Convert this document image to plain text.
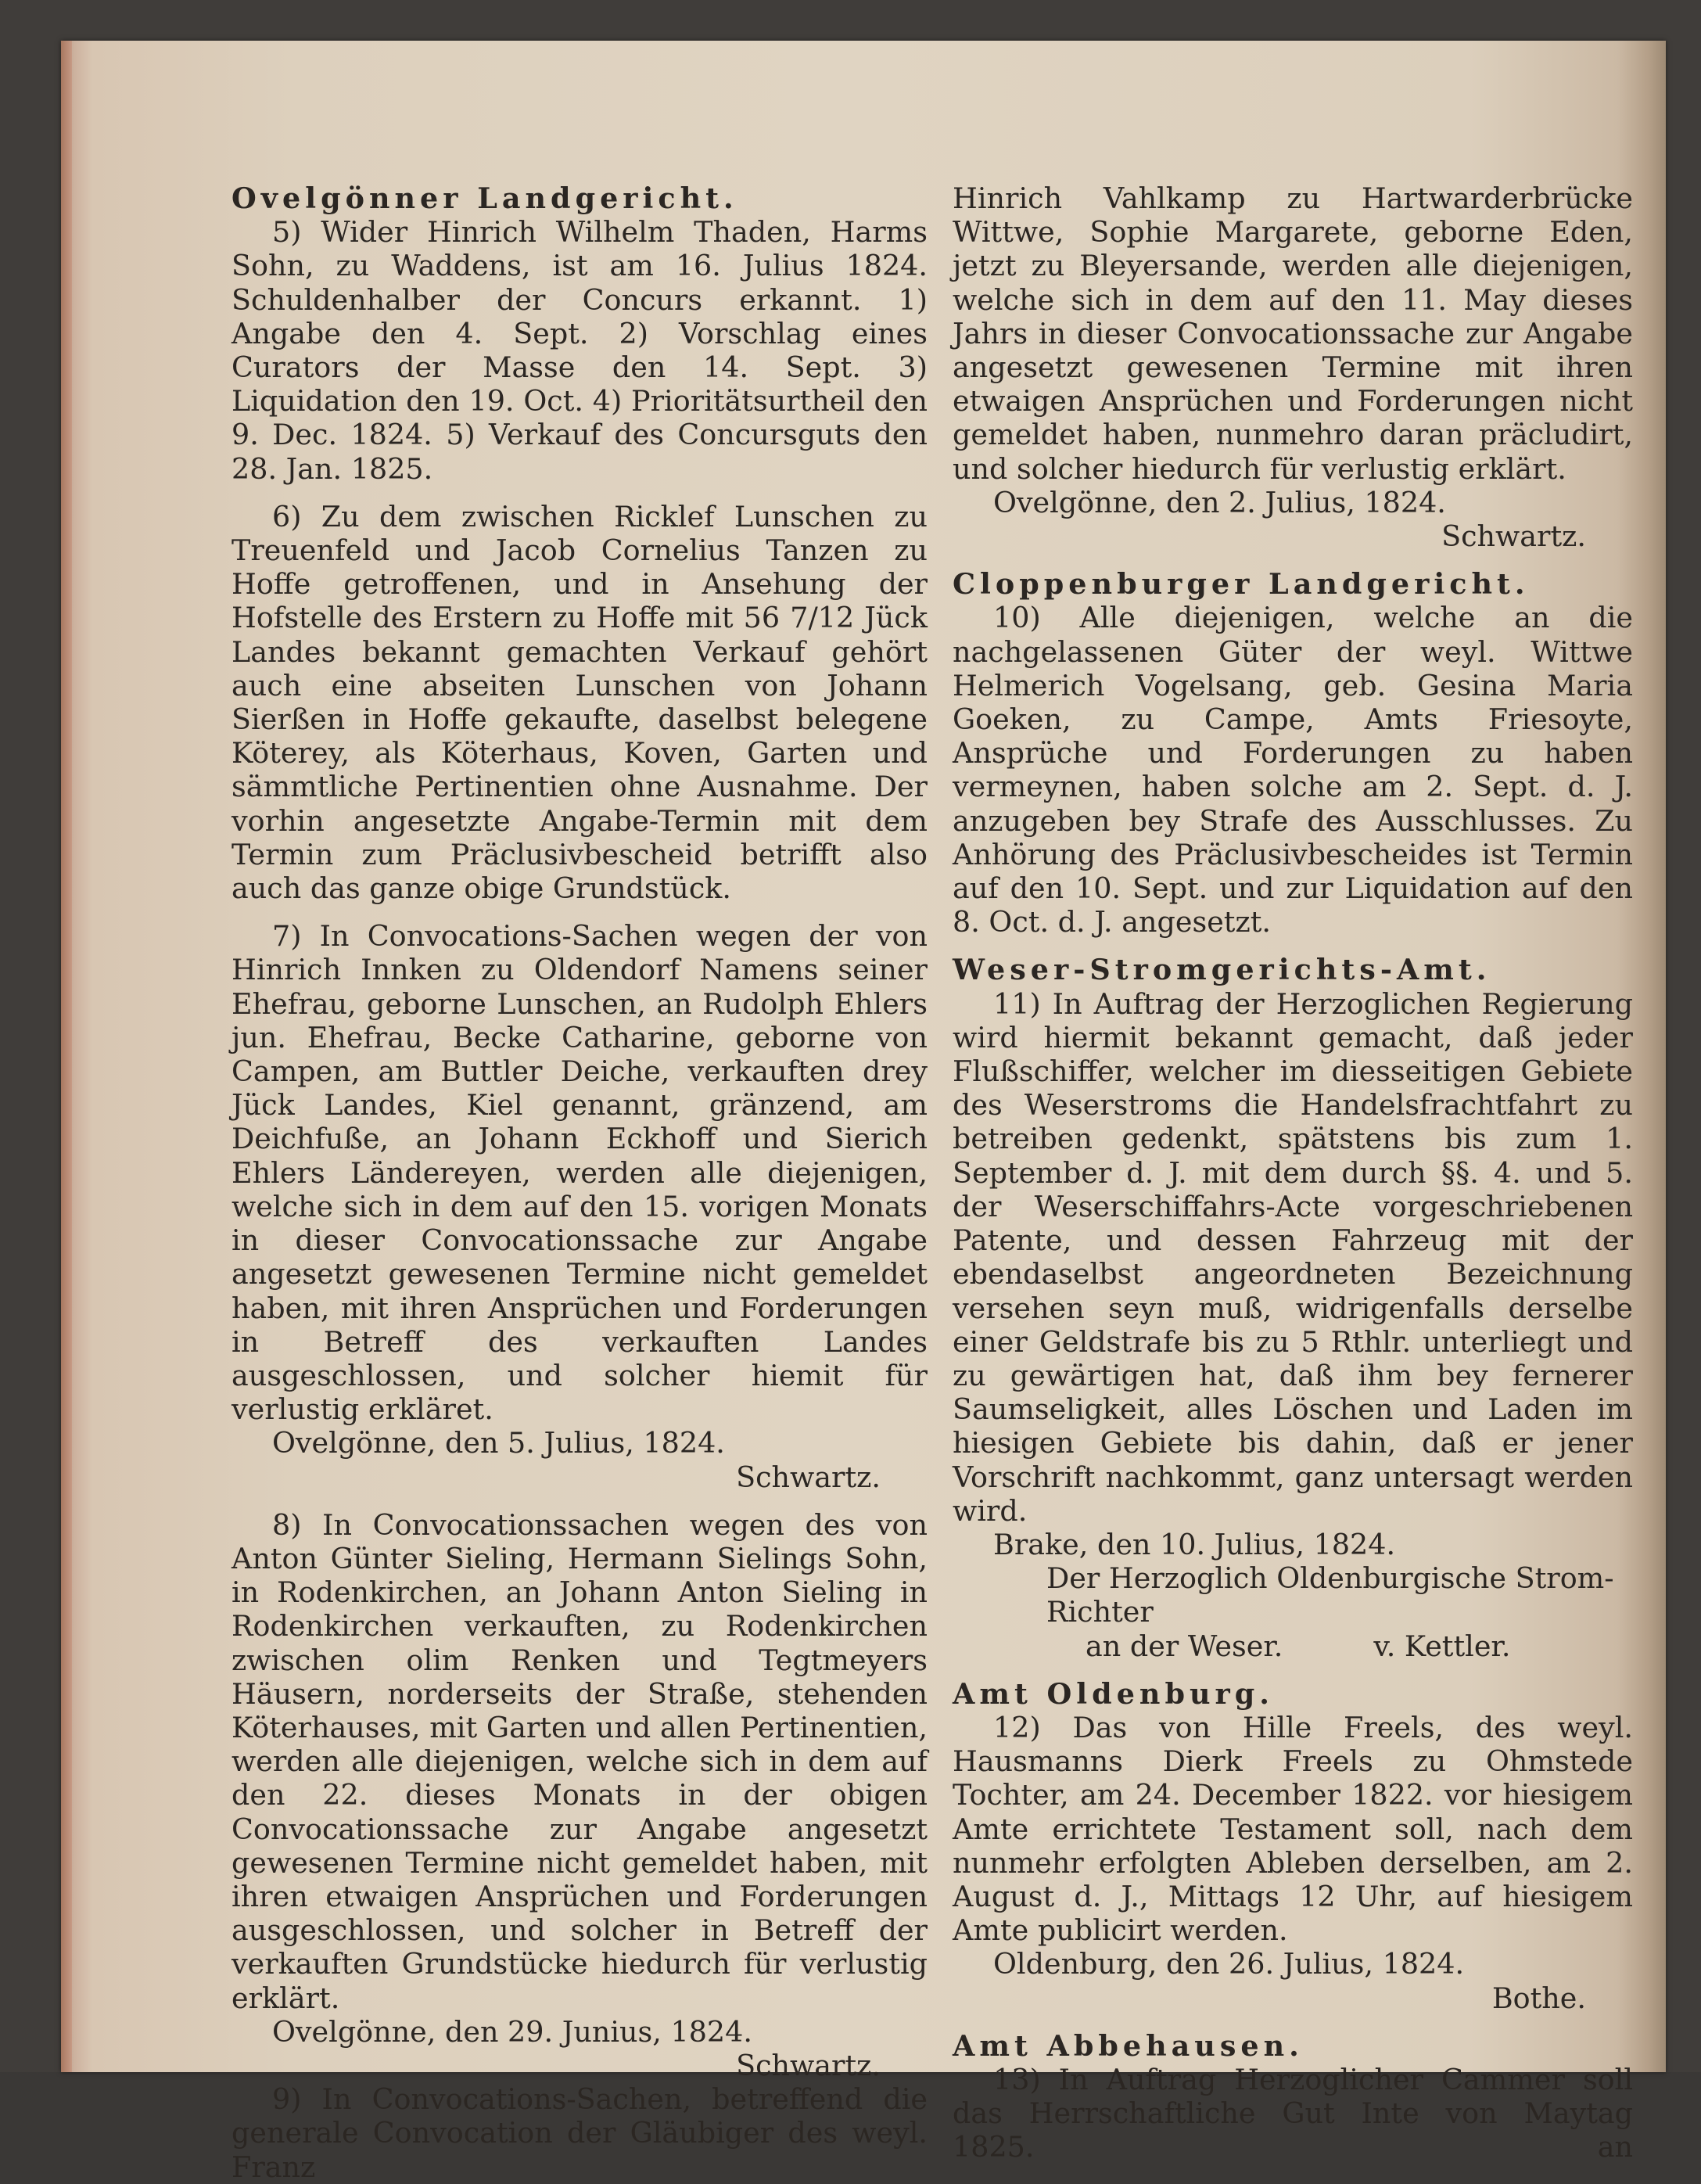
Ovelgönner Landgericht.

5) Wider Hinrich Wilhelm Thaden, Harms Sohn, zu Waddens, ist am 16. Julius 1824. Schuldenhalber der Concurs erkannt. 1) Angabe den 4. Sept. 2) Vorschlag eines Curators der Masse den 14. Sept. 3) Liquidation den 19. Oct. 4) Prioritätsurtheil den 9. Dec. 1824. 5) Verkauf des Concursguts den 28. Jan. 1825.

6) Zu dem zwischen Ricklef Lunschen zu Treuenfeld und Jacob Cornelius Tanzen zu Hoffe getroffenen, und in Ansehung der Hofstelle des Erstern zu Hoffe mit 56 7/12 Jück Landes bekannt gemachten Verkauf gehört auch eine abseiten Lunschen von Johann Sierßen in Hoffe gekaufte, daselbst belegene Köterey, als Köterhaus, Koven, Garten und sämmtliche Pertinentien ohne Ausnahme. Der vorhin angesetzte Angabe-Termin mit dem Termin zum Präclusivbescheid betrifft also auch das ganze obige Grundstück.

7) In Convocations-Sachen wegen der von Hinrich Innken zu Oldendorf Namens seiner Ehefrau, geborne Lunschen, an Rudolph Ehlers jun. Ehefrau, Becke Catharine, geborne von Campen, am Buttler Deiche, verkauften drey Jück Landes, Kiel genannt, gränzend, am Deichfuße, an Johann Eckhoff und Sierich Ehlers Ländereyen, werden alle diejenigen, welche sich in dem auf den 15. vorigen Monats in dieser Convocationssache zur Angabe angesetzt gewesenen Termine nicht gemeldet haben, mit ihren Ansprüchen und Forderungen in Betreff des verkauften Landes ausgeschlossen, und solcher hiemit für verlustig erkläret.

Ovelgönne, den 5. Julius, 1824.

Schwartz.

8) In Convocationssachen wegen des von Anton Günter Sieling, Hermann Sielings Sohn, in Rodenkirchen, an Johann Anton Sieling in Rodenkirchen verkauften, zu Rodenkirchen zwischen olim Renken und Tegtmeyers Häusern, norderseits der Straße, stehenden Köterhauses, mit Garten und allen Pertinentien, werden alle diejenigen, welche sich in dem auf den 22. dieses Monats in der obigen Convocationssache zur Angabe angesetzt gewesenen Termine nicht gemeldet haben, mit ihren etwaigen Ansprüchen und Forderungen ausgeschlossen, und solcher in Betreff der verkauften Grundstücke hiedurch für verlustig erklärt.

Ovelgönne, den 29. Junius, 1824.

Schwartz.

9) In Convocations-Sachen, betreffend die generale Convocation der Gläubiger des weyl. Franz

Hinrich Vahlkamp zu Hartwarderbrücke Wittwe, Sophie Margarete, geborne Eden, jetzt zu Bleyersande, werden alle diejenigen, welche sich in dem auf den 11. May dieses Jahrs in dieser Convocationssache zur Angabe angesetzt gewesenen Termine mit ihren etwaigen Ansprüchen und Forderungen nicht gemeldet haben, nunmehro daran präcludirt, und solcher hiedurch für verlustig erklärt.

Ovelgönne, den 2. Julius, 1824.

Schwartz.

Cloppenburger Landgericht.

10) Alle diejenigen, welche an die nachgelassenen Güter der weyl. Wittwe Helmerich Vogelsang, geb. Gesina Maria Goeken, zu Campe, Amts Friesoyte, Ansprüche und Forderungen zu haben vermeynen, haben solche am 2. Sept. d. J. anzugeben bey Strafe des Ausschlusses. Zu Anhörung des Präclusivbescheides ist Termin auf den 10. Sept. und zur Liquidation auf den 8. Oct. d. J. angesetzt.

Weser-Stromgerichts-Amt.

11) In Auftrag der Herzoglichen Regierung wird hiermit bekannt gemacht, daß jeder Flußschiffer, welcher im diesseitigen Gebiete des Weserstroms die Handelsfrachtfahrt zu betreiben gedenkt, spätstens bis zum 1. September d. J. mit dem durch §§. 4. und 5. der Weserschiffahrs-Acte vorgeschriebenen Patente, und dessen Fahrzeug mit der ebendaselbst angeordneten Bezeichnung versehen seyn muß, widrigenfalls derselbe einer Geldstrafe bis zu 5 Rthlr. unterliegt und zu gewärtigen hat, daß ihm bey fernerer Saumseligkeit, alles Löschen und Laden im hiesigen Gebiete bis dahin, daß er jener Vorschrift nachkommt, ganz untersagt werden wird.

Brake, den 10. Julius, 1824.

Der Herzoglich Oldenburgische Strom-Richter

an der Weser.          v. Kettler.

Amt Oldenburg.

12) Das von Hille Freels, des weyl. Hausmanns Dierk Freels zu Ohmstede Tochter, am 24. December 1822. vor hiesigem Amte errichtete Testament soll, nach dem nunmehr erfolgten Ableben derselben, am 2. August d. J., Mittags 12 Uhr, auf hiesigem Amte publicirt werden.

Oldenburg, den 26. Julius, 1824.

Bothe.

Amt Abbehausen.

13) In Auftrag Herzoglicher Cammer soll das Herrschaftliche Gut Inte von Maytag 1825. an
